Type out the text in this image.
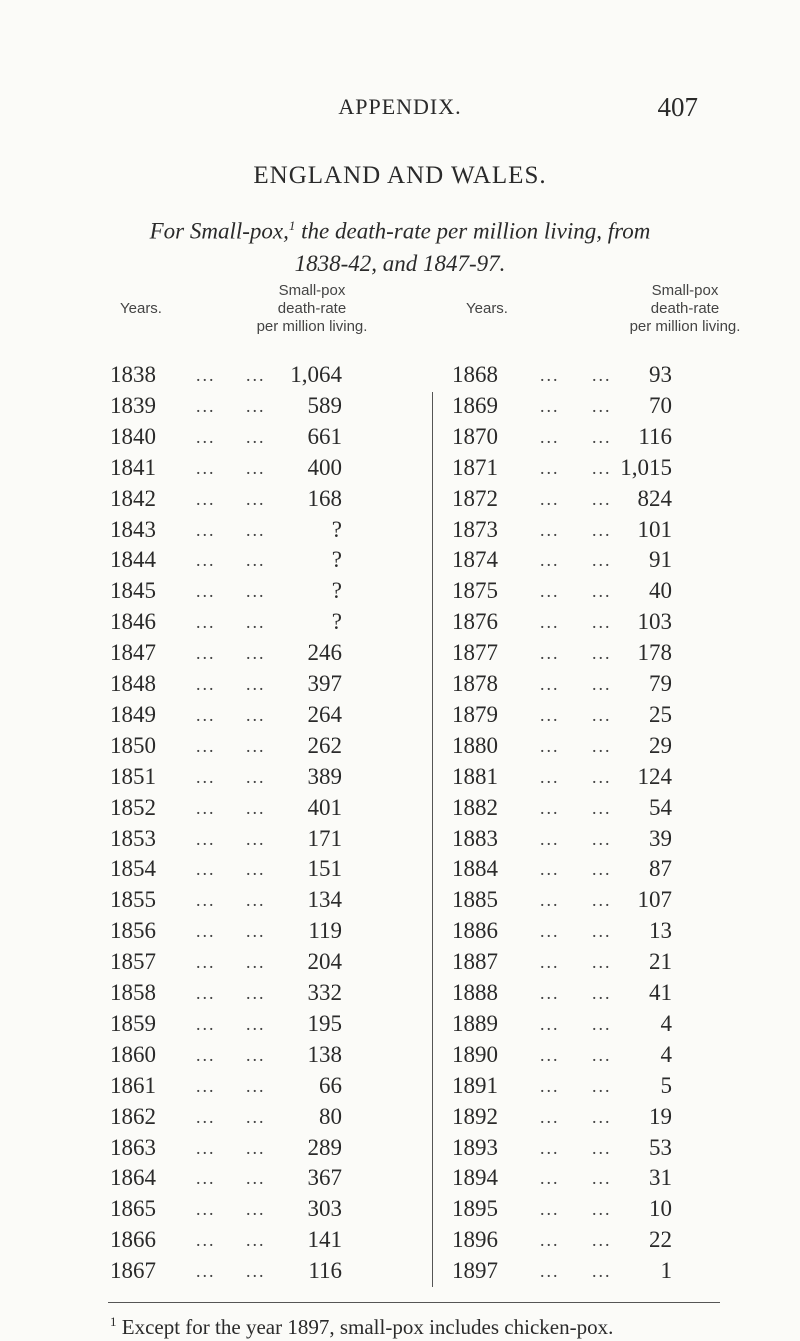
APPENDIX.	407
ENGLAND AND WALES.
For Small-pox,$^1$ the death-rate per million living, from
1838-42, and 1847-97.
Years.
Small-pox
death-rate
per million living.
Years.
Small-pox
death-rate
per million living.
1838 ... ...	1,064
1839 ... ...	589
1840 ... ...	661
1841 ... ...	400
1842 ... ...	168
1843 ... ...	?
1844 ... ...	?
1845 ... ...	?
1846 ... ...	?
1847 ... ...	246
1848 ... ...	397
1849 ... ...	264
1850 ... ...	262
1851 ... ...	389
1852 ... ...	401
1853 ... ...	171
1854 ... ...	151
1855 ... ...	134
1856 ... ...	119
1857 ... ...	204
1858 ... ...	332
1859 ... ...	195
1860 ... ...	138
1861 ... ...	66
1862 ... ...	80
1863 ... ...	289
1864 ... ...	367
1865 ... ...	303
1866 ... ...	141
1867 ... ...	116
1868 ... ...	93
1869 ... ...	70
1870 ... ...	116
1871 ... ... 1,015
1872 ... ...	824
1873 ... ...	101
1874 ... ...	91
1875 ... ...	40
1876 ... ...	103
1877 ... ...	178
1878 ... ...	79
1879 ... ...	25
1880 ... ...	29
1881 ... ...	124
1882 ... ...	54
1883 ... ...	39
1884 ... ...	87
1885 ... ...	107
1886 ... ...	13
1887 ... ...	21
1888 ... ...	41
1889 ... ...	4
1890 ... ...	4
1891 ... ...	5
1892 ... ...	19
1893 ... ...	53
1894 ... ...	31
1895 ... ...	10
1896 ... ...	22
1897 ... ...	1
$^1$ Except for the year 1897, small-pox includes chicken-pox.
